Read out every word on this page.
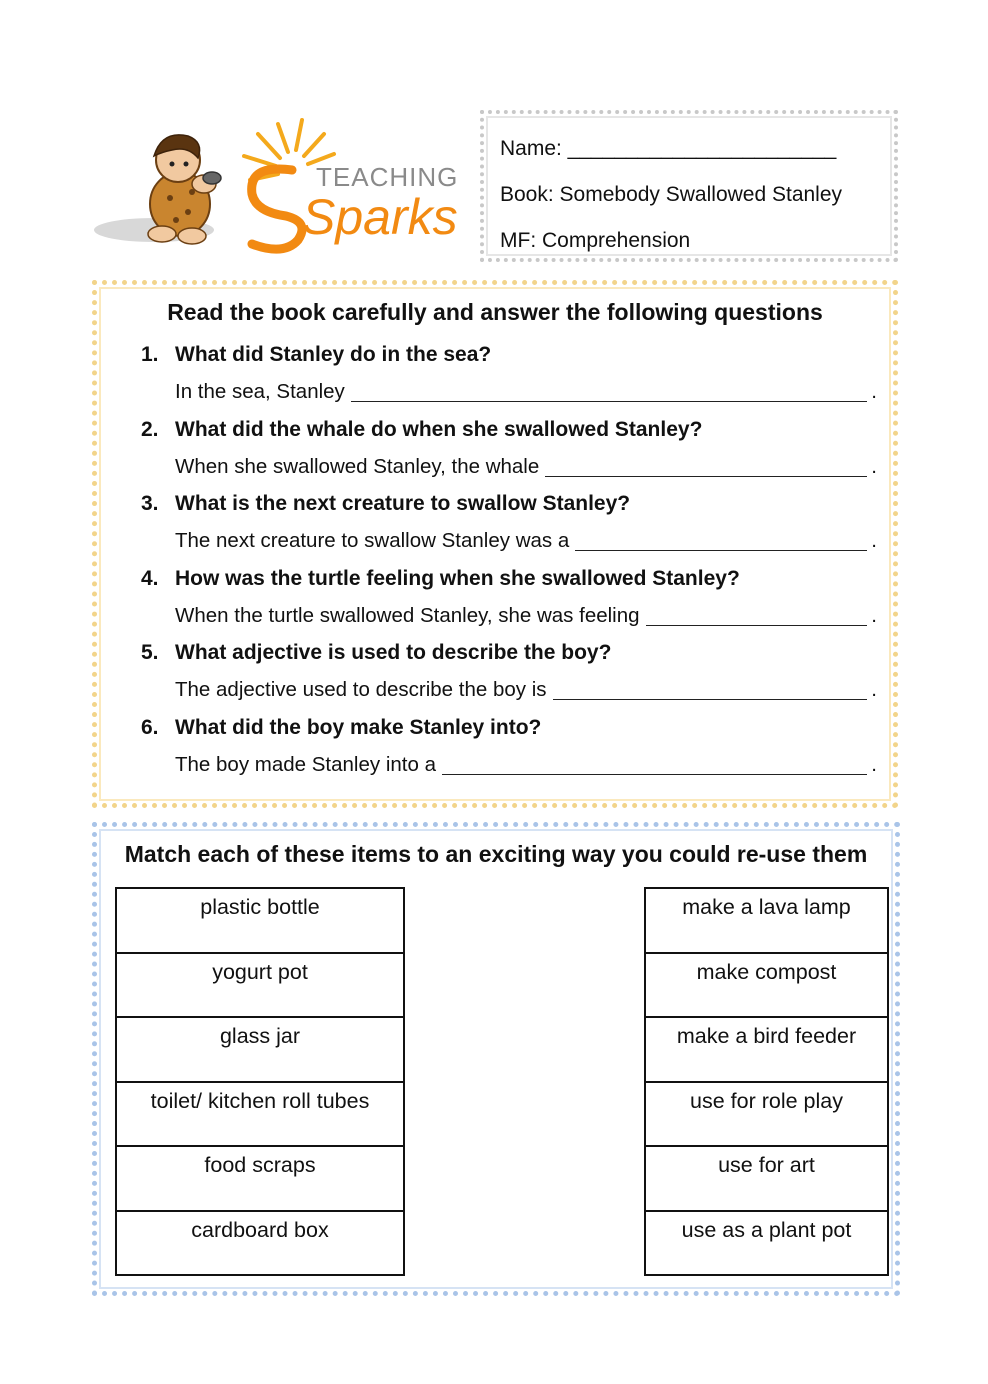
TEACHING
Sparks
Name: _______________________
Book: Somebody Swallowed Stanley
MF: Comprehension
Read the book carefully and answer the following questions
1. What did Stanley do in the sea?
In the sea, Stanley	.
2. What did the whale do when she swallowed Stanley?
When she swallowed Stanley, the whale	.
3. What is the next creature to swallow Stanley?
The next creature to swallow Stanley was a	.
4. How was the turtle feeling when she swallowed Stanley?
When the turtle swallowed Stanley, she was feeling	.
5. What adjective is used to describe the boy?
The adjective used to describe the boy is	.
6. What did the boy make Stanley into?
The boy made Stanley into a	.
Match each of these items to an exciting way you could re-use them
plastic bottle
yogurt pot
glass jar
toilet/ kitchen roll tubes
food scraps
cardboard box
make a lava lamp
make compost
make a bird feeder
use for role play
use for art
use as a plant pot
